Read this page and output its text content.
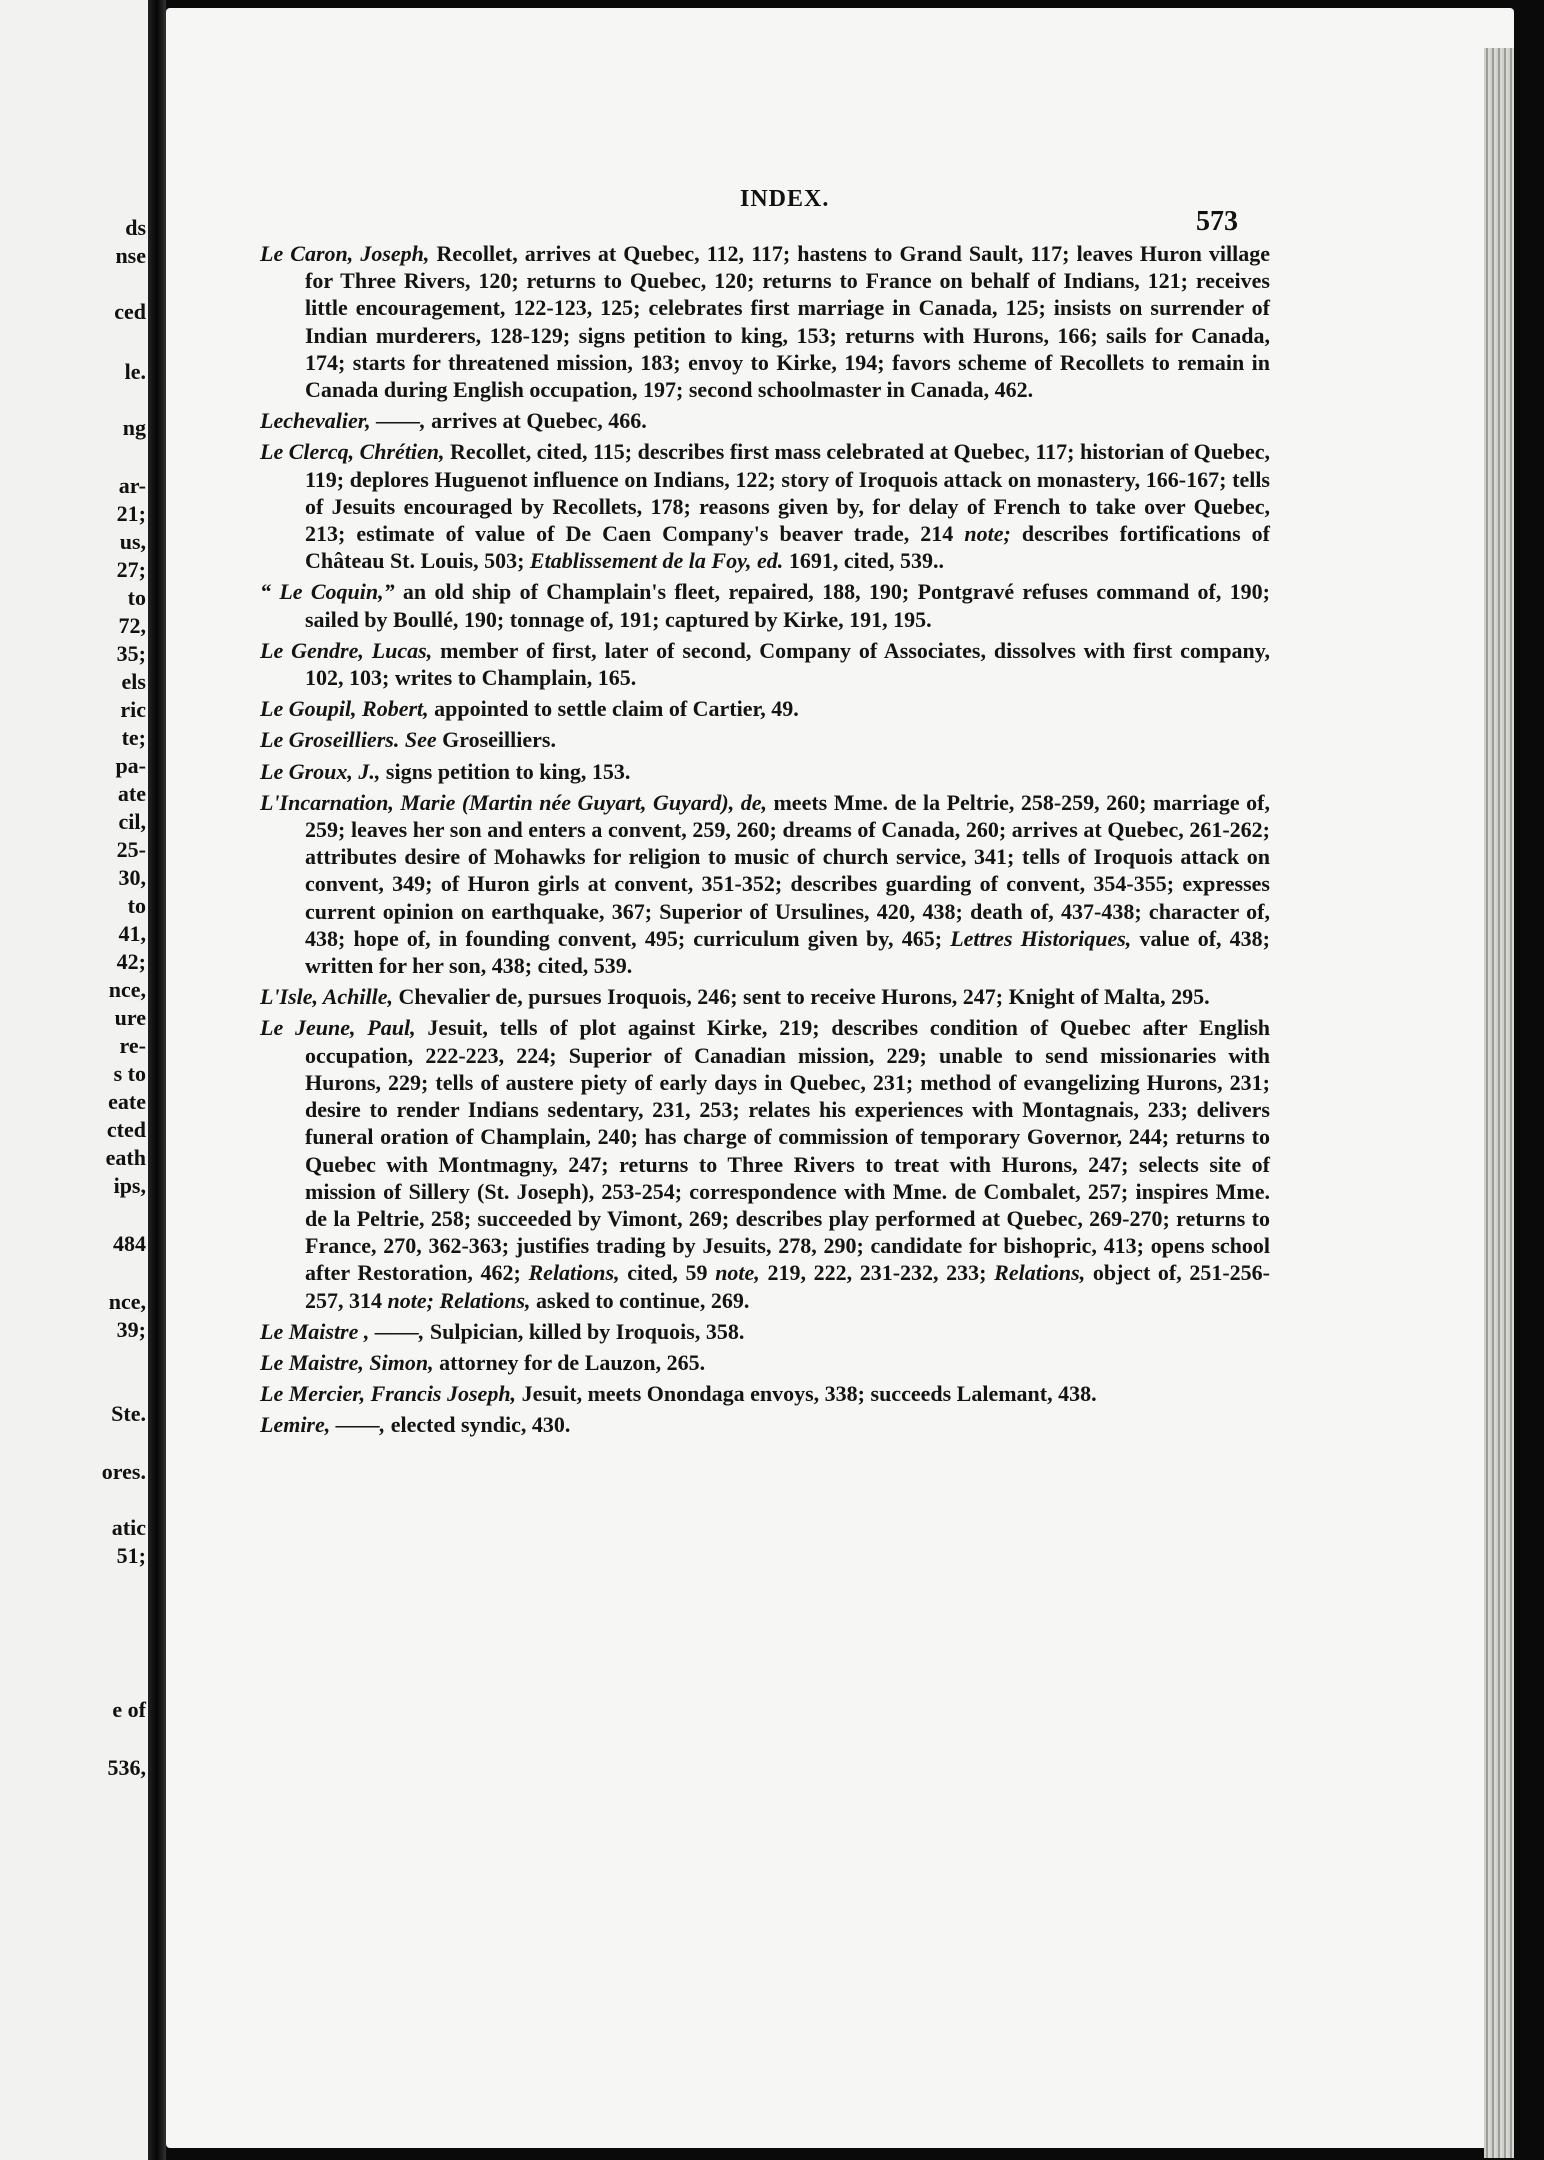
ds
nse
ced
le.
ng
ar-
21;
us,
27;
to
72,
35;
els
ric
te;
pa-
ate
cil,
25-
30,
to
41,
42;
nce,
ure
re-
s to
eate
cted
eath
ips,
484
nce,
39;
Ste.
ores.
atic
51;
e of
536,
INDEX.
573

Le Caron, Joseph, Recollet, arrives at Quebec, 112, 117; hastens to Grand Sault, 117; leaves Huron village for Three Rivers, 120; returns to Quebec, 120; returns to France on behalf of Indians, 121; receives little encouragement, 122-123, 125; celebrates first marriage in Canada, 125; insists on surrender of Indian murderers, 128-129; signs petition to king, 153; returns with Hurons, 166; sails for Canada, 174; starts for threatened mission, 183; envoy to Kirke, 194; favors scheme of Recollets to remain in Canada during English occupation, 197; second schoolmaster in Canada, 462.

Lechevalier, ——, arrives at Quebec, 466.

Le Clercq, Chrétien, Recollet, cited, 115; describes first mass celebrated at Quebec, 117; historian of Quebec, 119; deplores Huguenot influence on Indians, 122; story of Iroquois attack on monastery, 166-167; tells of Jesuits encouraged by Recollets, 178; reasons given by, for delay of French to take over Quebec, 213; estimate of value of De Caen Company's beaver trade, 214 note; describes fortifications of Château St. Louis, 503; Etablissement de la Foy, ed. 1691, cited, 539..

“ Le Coquin,” an old ship of Champlain's fleet, repaired, 188, 190; Pontgravé refuses command of, 190; sailed by Boullé, 190; tonnage of, 191; captured by Kirke, 191, 195.

Le Gendre, Lucas, member of first, later of second, Company of Associates, dissolves with first company, 102, 103; writes to Champlain, 165.

Le Goupil, Robert, appointed to settle claim of Cartier, 49.

Le Groseilliers. See Groseilliers.

Le Groux, J., signs petition to king, 153.

L'Incarnation, Marie (Martin née Guyart, Guyard), de, meets Mme. de la Peltrie, 258-259, 260; marriage of, 259; leaves her son and enters a convent, 259, 260; dreams of Canada, 260; arrives at Quebec, 261-262; attributes desire of Mohawks for religion to music of church service, 341; tells of Iroquois attack on convent, 349; of Huron girls at convent, 351-352; describes guarding of convent, 354-355; expresses current opinion on earthquake, 367; Superior of Ursulines, 420, 438; death of, 437-438; character of, 438; hope of, in founding convent, 495; curriculum given by, 465; Lettres Historiques, value of, 438; written for her son, 438; cited, 539.

L'Isle, Achille, Chevalier de, pursues Iroquois, 246; sent to receive Hurons, 247; Knight of Malta, 295.

Le Jeune, Paul, Jesuit, tells of plot against Kirke, 219; describes condition of Quebec after English occupation, 222-223, 224; Superior of Canadian mission, 229; unable to send missionaries with Hurons, 229; tells of austere piety of early days in Quebec, 231; method of evangelizing Hurons, 231; desire to render Indians sedentary, 231, 253; relates his experiences with Montagnais, 233; delivers funeral oration of Champlain, 240; has charge of commission of temporary Governor, 244; returns to Quebec with Montmagny, 247; returns to Three Rivers to treat with Hurons, 247; selects site of mission of Sillery (St. Joseph), 253-254; correspondence with Mme. de Combalet, 257; inspires Mme. de la Peltrie, 258; succeeded by Vimont, 269; describes play performed at Quebec, 269-270; returns to France, 270, 362-363; justifies trading by Jesuits, 278, 290; candidate for bishopric, 413; opens school after Restoration, 462; Relations, cited, 59 note, 219, 222, 231-232, 233; Relations, object of, 251-256-257, 314 note; Relations, asked to continue, 269.

Le Maistre , ——, Sulpician, killed by Iroquois, 358.

Le Maistre, Simon, attorney for de Lauzon, 265.

Le Mercier, Francis Joseph, Jesuit, meets Onondaga envoys, 338; succeeds Lalemant, 438.

Lemire, ——, elected syndic, 430.
